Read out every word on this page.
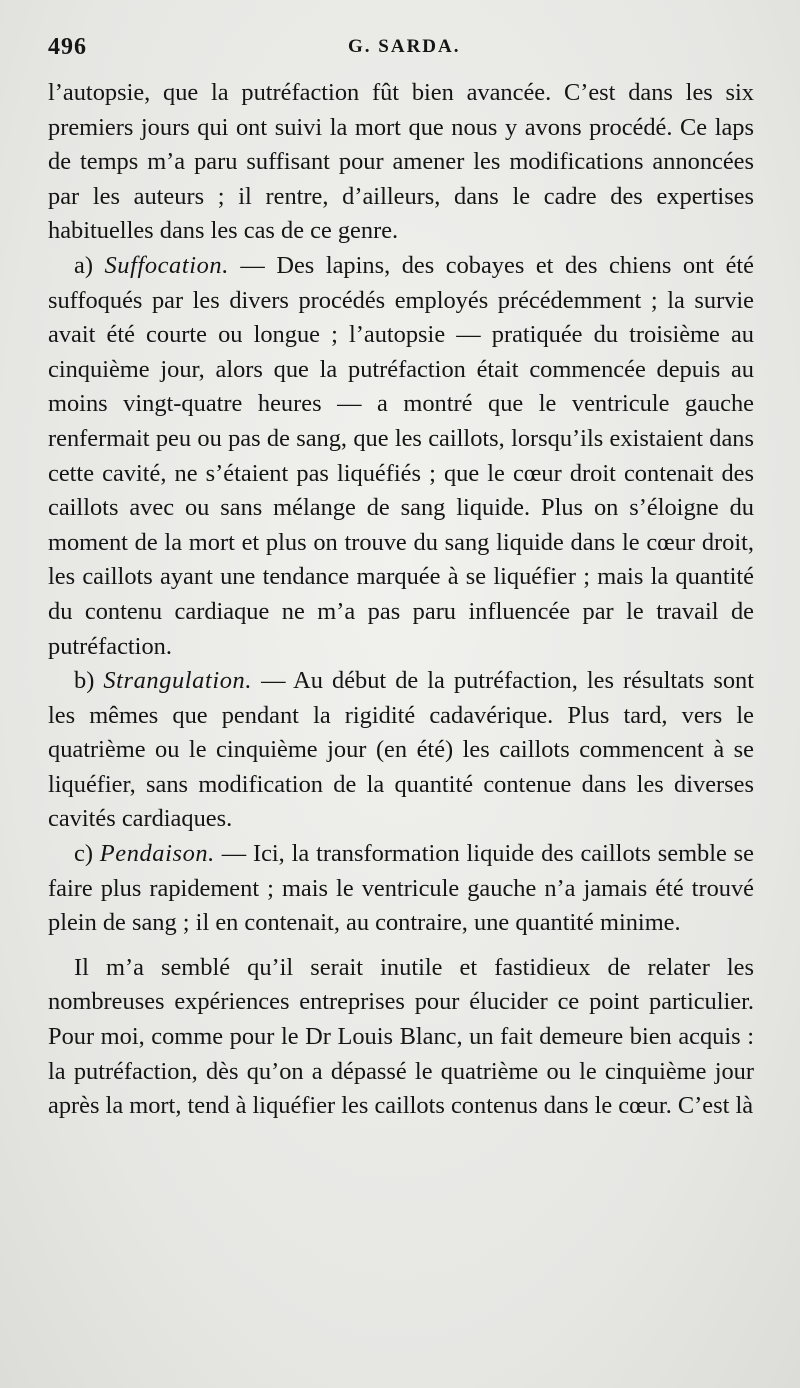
496	G. SARDA.

l’autopsie, que la putréfaction fût bien avancée. C’est dans les six premiers jours qui ont suivi la mort que nous y avons procédé. Ce laps de temps m’a paru suffisant pour amener les modifications annoncées par les auteurs ; il rentre, d’ailleurs, dans le cadre des expertises habituelles dans les cas de ce genre.

a) Suffocation. — Des lapins, des cobayes et des chiens ont été suffoqués par les divers procédés employés précédemment ; la survie avait été courte ou longue ; l’autopsie — pratiquée du troisième au cinquième jour, alors que la putréfaction était commencée depuis au moins vingt-quatre heures — a montré que le ventricule gauche renfermait peu ou pas de sang, que les caillots, lorsqu’ils existaient dans cette cavité, ne s’étaient pas liquéfiés ; que le cœur droit contenait des caillots avec ou sans mélange de sang liquide. Plus on s’éloigne du moment de la mort et plus on trouve du sang liquide dans le cœur droit, les caillots ayant une tendance marquée à se liquéfier ; mais la quantité du contenu cardiaque ne m’a pas paru influencée par le travail de putréfaction.

b) Strangulation. — Au début de la putréfaction, les résultats sont les mêmes que pendant la rigidité cadavérique. Plus tard, vers le quatrième ou le cinquième jour (en été) les caillots commencent à se liquéfier, sans modification de la quantité contenue dans les diverses cavités cardiaques.

c) Pendaison. — Ici, la transformation liquide des caillots semble se faire plus rapidement ; mais le ventricule gauche n’a jamais été trouvé plein de sang ; il en contenait, au contraire, une quantité minime.

Il m’a semblé qu’il serait inutile et fastidieux de relater les nombreuses expériences entreprises pour élucider ce point particulier. Pour moi, comme pour le Dr Louis Blanc, un fait demeure bien acquis : la putréfaction, dès qu’on a dépassé le quatrième ou le cinquième jour après la mort, tend à liquéfier les caillots contenus dans le cœur. C’est là
